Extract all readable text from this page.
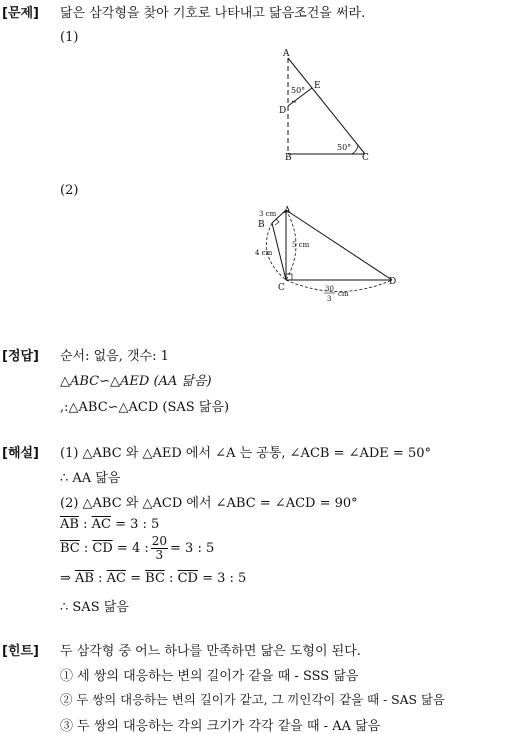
[문제] 닮은 삼각형을 찾아 기호로 나타내고 닮음조건을 써라.
(1)
A
E
D
B	C
50°
50°
(2)
A
B
C
D
3 cm
5 cm
4 cm
30
3
cm
[정답] 순서: 없음, 갯수: 1
△ABC∽△AED (AA 닮음)
,:△ABC∽△ACD (SAS 닮음)
[해설] (1) △ABC 와 △AED 에서 ∠A 는 공통, ∠ACB = ∠ADE = 50°
∴ AA 닮음
(2) △ABC 와 △ACD 에서 ∠ABC = ∠ACD = 90°
$\overline{AB}$ : $\overline{AC} = 3$ : 5
$\overline{BC}$ : $\overline{CD} = 4$ : $\frac{20}{3} = 3$ : 5
⇒ $\overline{AB}$ : $\overline{AC} = \overline{BC}$ : $\overline{CD} = 3$ : 5
∴ SAS 닮음
[힌트] 두 삼각형 중 어느 하나를 만족하면 닮은 도형이 된다.
① 세 쌍의 대응하는 변의 길이가 같을 때 - SSS 닮음
② 두 쌍의 대응하는 변의 길이가 같고, 그 끼인각이 같을 때 - SAS 닮음
③ 두 쌍의 대응하는 각의 크기가 각각 같을 때 - AA 닮음
